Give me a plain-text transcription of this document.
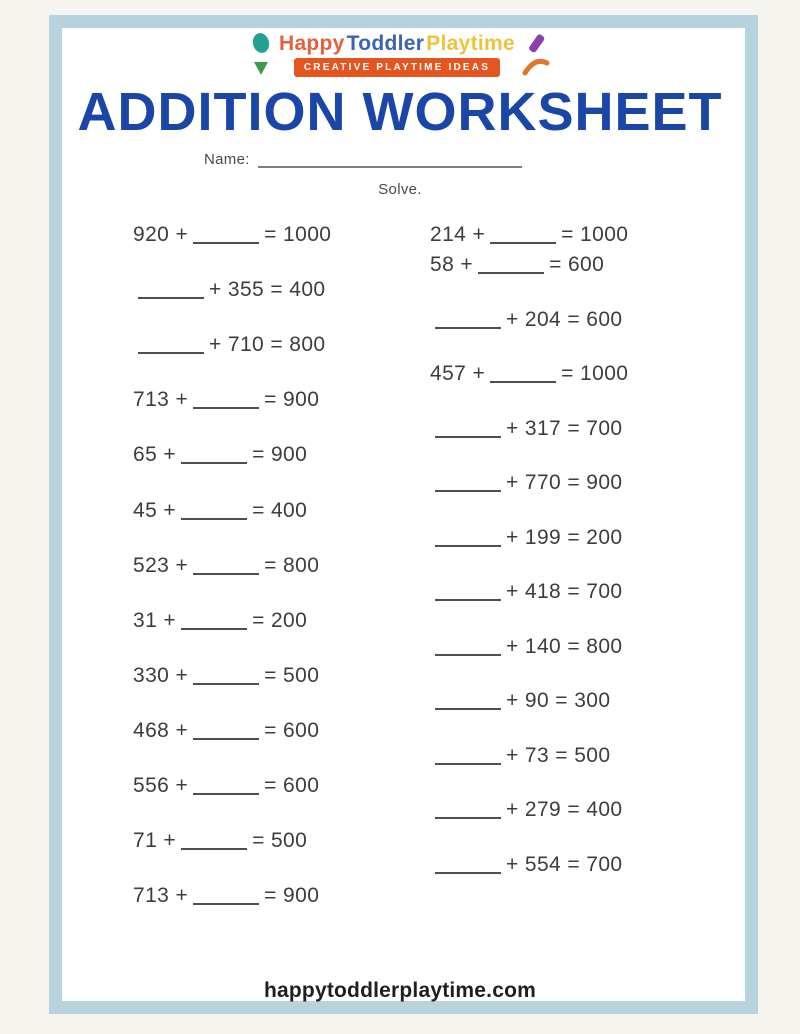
Happy Toddler Playtime
CREATIVE PLAYTIME IDEAS
ADDITION WORKSHEET
Name:
Solve.
920 +	= 1000
+ 355 = 400
+ 710 = 800
713 +	= 900
65 +	= 900
45 +	= 400
523 +	= 800
31 +	= 200
330 +	= 500
468 +	= 600
556 +	= 600
71 +	= 500
713 +	= 900
214 +	= 1000
58 +	= 600
+ 204 = 600
457 +	= 1000
+ 317 = 700
+ 770 = 900
+ 199 = 200
+ 418 = 700
+ 140 = 800
+ 90 = 300
+ 73 = 500
+ 279 = 400
+ 554 = 700
happytoddlerplaytime.com
